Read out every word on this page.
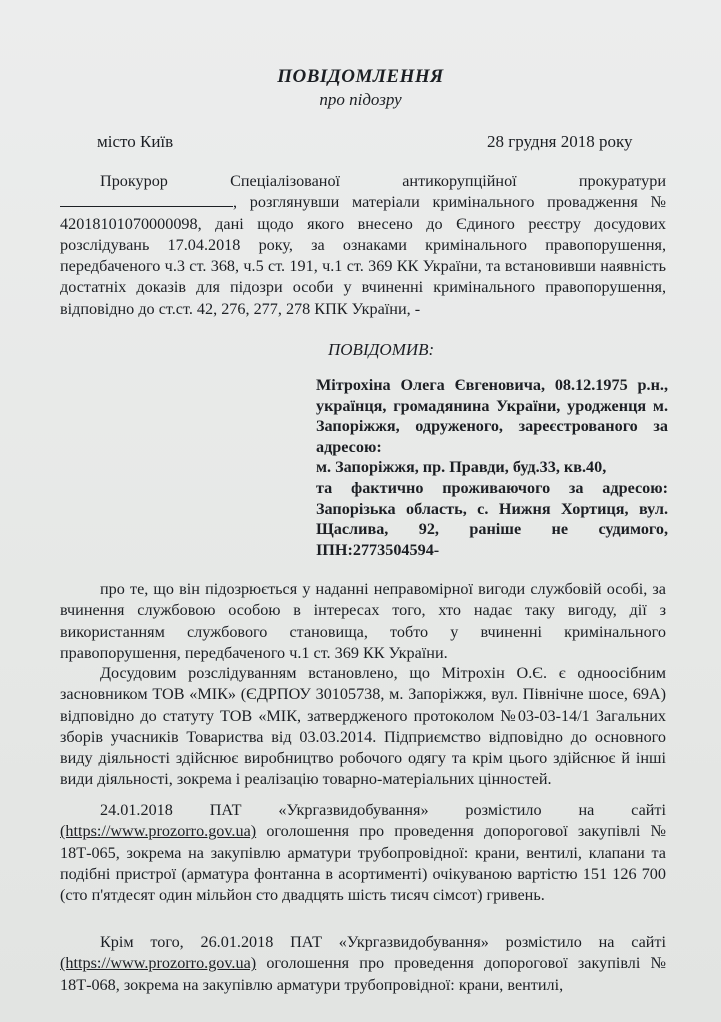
ПОВІДОМЛЕННЯ
про підозру
місто Київ	28 грудня 2018 року
Прокурор Спеціалізованої антикорупційної прокуратури , розглянувши матеріали кримінального провадження № 42018101070000098, дані щодо якого внесено до Єдиного реєстру досудових розслідувань 17.04.2018 року, за ознаками кримінального правопорушення, передбаченого ч.3 ст. 368, ч.5 ст. 191, ч.1 ст. 369 КК України, та встановивши наявність достатніх доказів для підозри особи у вчиненні кримінального правопорушення, відповідно до ст.ст. 42, 276, 277, 278 КПК України, -
ПОВІДОМИВ:

Мітрохіна Олега Євгеновича, 08.12.1975 р.н., українця, громадянина України, уродженця м. Запоріжжя, одруженого, зареєстрованого за адресою:

м. Запоріжжя, пр. Правди, буд.33, кв.40,

та фактично проживаючого за адресою: Запорізька область, с. Нижня Хортиця, вул. Щаслива, 92, раніше не судимого, ІПН:2773504594-

про те, що він підозрюється у наданні неправомірної вигоди службовій особі, за вчинення службовою особою в інтересах того, хто надає таку вигоду, дії з використанням службового становища, тобто у вчиненні кримінального правопорушення, передбаченого ч.1 ст. 369 КК України.
Досудовим розслідуванням встановлено, що Мітрохін О.Є. є одноосібним засновником ТОВ «МІК» (ЄДРПОУ 30105738, м. Запоріжжя, вул. Північне шосе, 69А) відповідно до статуту ТОВ «МІК, затвердженого протоколом №03-03-14/1 Загальних зборів учасників Товариства від 03.03.2014. Підприємство відповідно до основного виду діяльності здійснює виробництво робочого одягу та крім цього здійснює й інші види діяльності, зокрема і реалізацію товарно-матеріальних цінностей.
24.01.2018 ПАТ «Укргазвидобування» розмістило на сайті (https://www.prozorro.gov.ua) оголошення про проведення допорогової закупівлі № 18Т-065, зокрема на закупівлю арматури трубопровідної: крани, вентилі, клапани та подібні пристрої (арматура фонтанна в асортименті) очікуваною вартістю 151 126 700 (сто п'ятдесят один мільйон сто двадцять шість тисяч сімсот) гривень.
Крім того, 26.01.2018 ПАТ «Укргазвидобування» розмістило на сайті (https://www.prozorro.gov.ua) оголошення про проведення допорогової закупівлі № 18Т-068, зокрема на закупівлю арматури трубопровідної: крани, вентилі,
